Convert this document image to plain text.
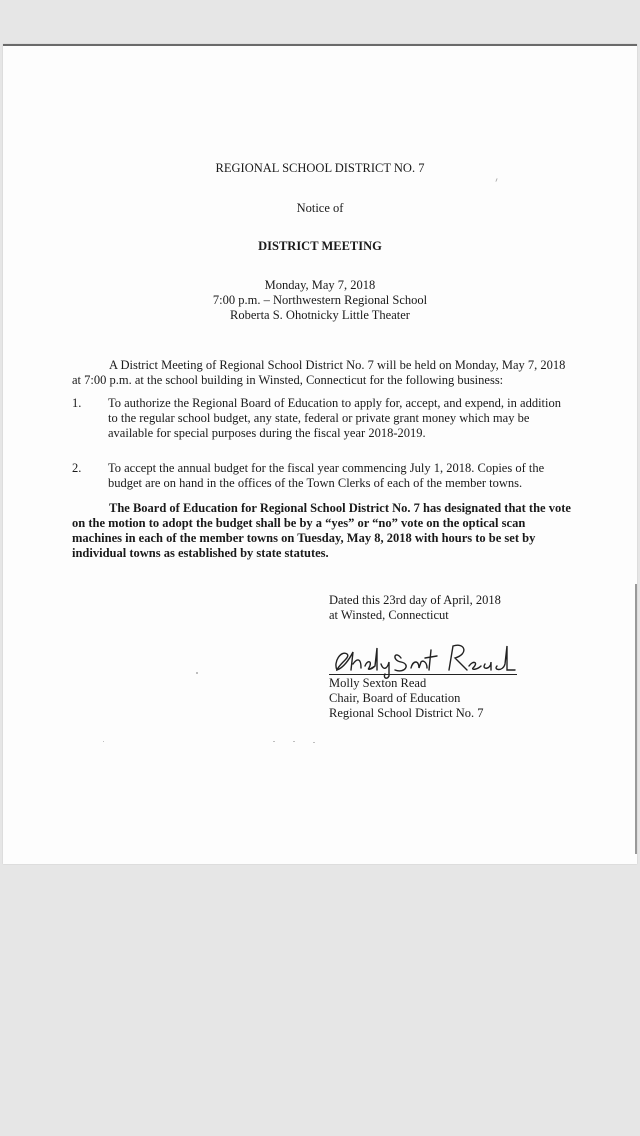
REGIONAL SCHOOL DISTRICT NO. 7
Notice of
DISTRICT MEETING
Monday, May 7, 2018
7:00 p.m. – Northwestern Regional School
Roberta S. Ohotnicky Little Theater
A District Meeting of Regional School District No. 7 will be held on Monday, May 7, 2018
at 7:00 p.m. at the school building in Winsted, Connecticut for the following business:
1. To authorize the Regional Board of Education to apply for, accept, and expend, in addition
to the regular school budget, any state, federal or private grant money which may be
available for special purposes during the fiscal year 2018-2019.
2. To accept the annual budget for the fiscal year commencing July 1, 2018. Copies of the
budget are on hand in the offices of the Town Clerks of each of the member towns.
The Board of Education for Regional School District No. 7 has designated that the vote
on the motion to adopt the budget shall be by a “yes” or “no” vote on the optical scan
machines in each of the member towns on Tuesday, May 8, 2018 with hours to be set by
individual towns as established by state statutes.
Dated this 23rd day of April, 2018
at Winsted, Connecticut
Molly Sexton Read
Chair, Board of Education
Regional School District No. 7
